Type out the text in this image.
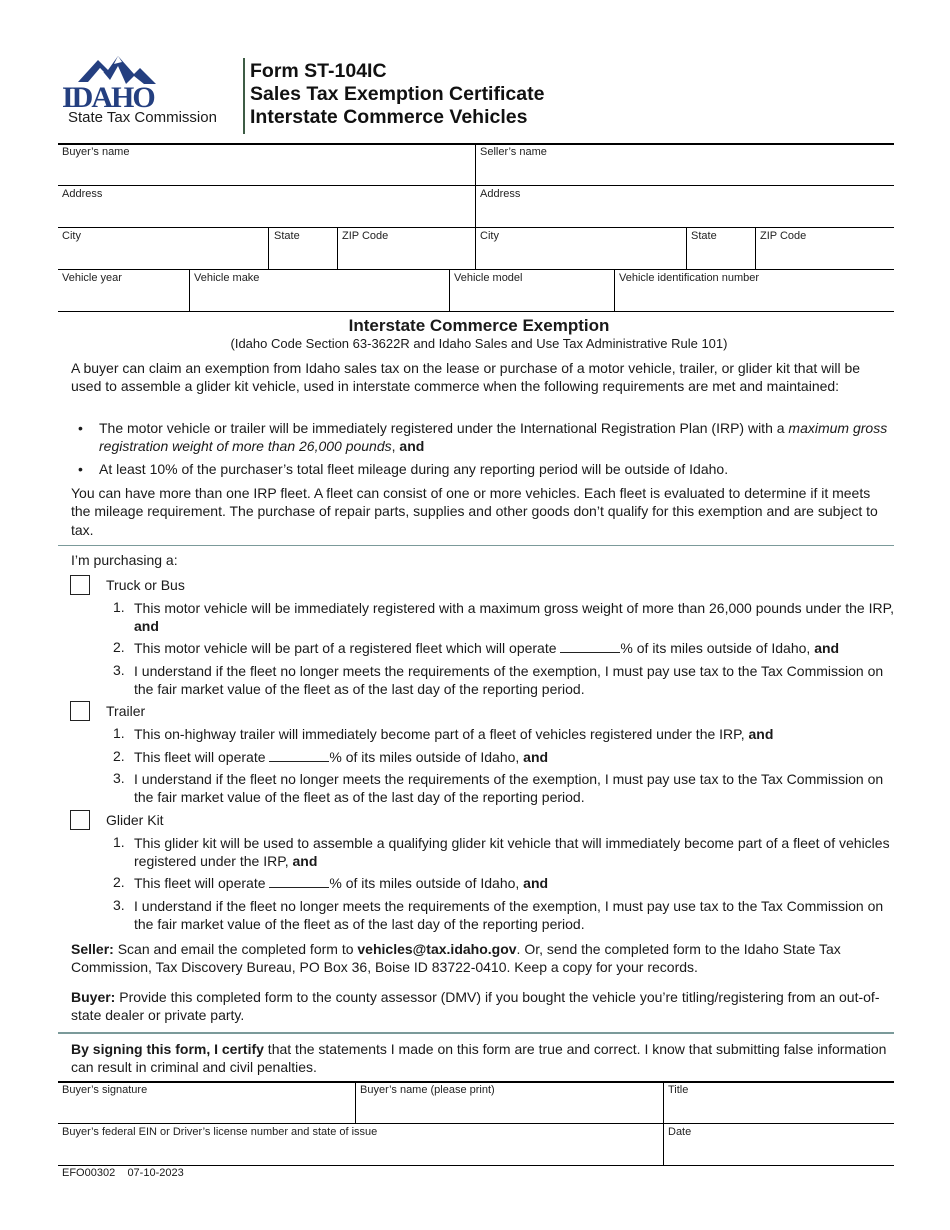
IDAHO
State Tax Commission
Form ST-104IC
Sales Tax Exemption Certificate
Interstate Commerce Vehicles
Buyer’s name	Seller’s name
Address	Address
City	State	ZIP Code	City	State	ZIP Code
Vehicle year	Vehicle make	Vehicle model	Vehicle identification number
Interstate Commerce Exemption
(Idaho Code Section 63-3622R and Idaho Sales and Use Tax Administrative Rule 101)
A buyer can claim an exemption from Idaho sales tax on the lease or purchase of a motor vehicle, trailer, or glider kit that will be used to assemble a glider kit vehicle, used in interstate commerce when the following requirements are met and maintained:
• The motor vehicle or trailer will be immediately registered under the International Registration Plan (IRP) with a maximum gross registration weight of more than 26,000 pounds, and
• At least 10% of the purchaser’s total fleet mileage during any reporting period will be outside of Idaho.
You can have more than one IRP fleet. A fleet can consist of one or more vehicles. Each fleet is evaluated to determine if it meets the mileage requirement. The purchase of repair parts, supplies and other goods don’t qualify for this exemption and are subject to tax.
I’m purchasing a:
Truck or Bus
1. This motor vehicle will be immediately registered with a maximum gross weight of more than 26,000 pounds under the IRP, and
2. This motor vehicle will be part of a registered fleet which will operate	% of its miles outside of Idaho, and
3. I understand if the fleet no longer meets the requirements of the exemption, I must pay use tax to the Tax Commission on the fair market value of the fleet as of the last day of the reporting period.
Trailer
1. This on-highway trailer will immediately become part of a fleet of vehicles registered under the IRP, and
2. This fleet will operate	% of its miles outside of Idaho, and
3. I understand if the fleet no longer meets the requirements of the exemption, I must pay use tax to the Tax Commission on the fair market value of the fleet as of the last day of the reporting period.
Glider Kit
1. This glider kit will be used to assemble a qualifying glider kit vehicle that will immediately become part of a fleet of vehicles registered under the IRP, and
2. This fleet will operate	% of its miles outside of Idaho, and
3. I understand if the fleet no longer meets the requirements of the exemption, I must pay use tax to the Tax Commission on the fair market value of the fleet as of the last day of the reporting period.
Seller: Scan and email the completed form to vehicles@tax.idaho.gov. Or, send the completed form to the Idaho State Tax Commission, Tax Discovery Bureau, PO Box 36, Boise ID 83722-0410. Keep a copy for your records.
Buyer: Provide this completed form to the county assessor (DMV) if you bought the vehicle you’re titling/registering from an out-of-state dealer or private party.
By signing this form, I certify that the statements I made on this form are true and correct. I know that submitting false information can result in criminal and civil penalties.
Buyer’s signature	Buyer’s name (please print)	Title
Buyer’s federal EIN or Driver’s license number and state of issue	Date
EFO00302 07-10-2023
